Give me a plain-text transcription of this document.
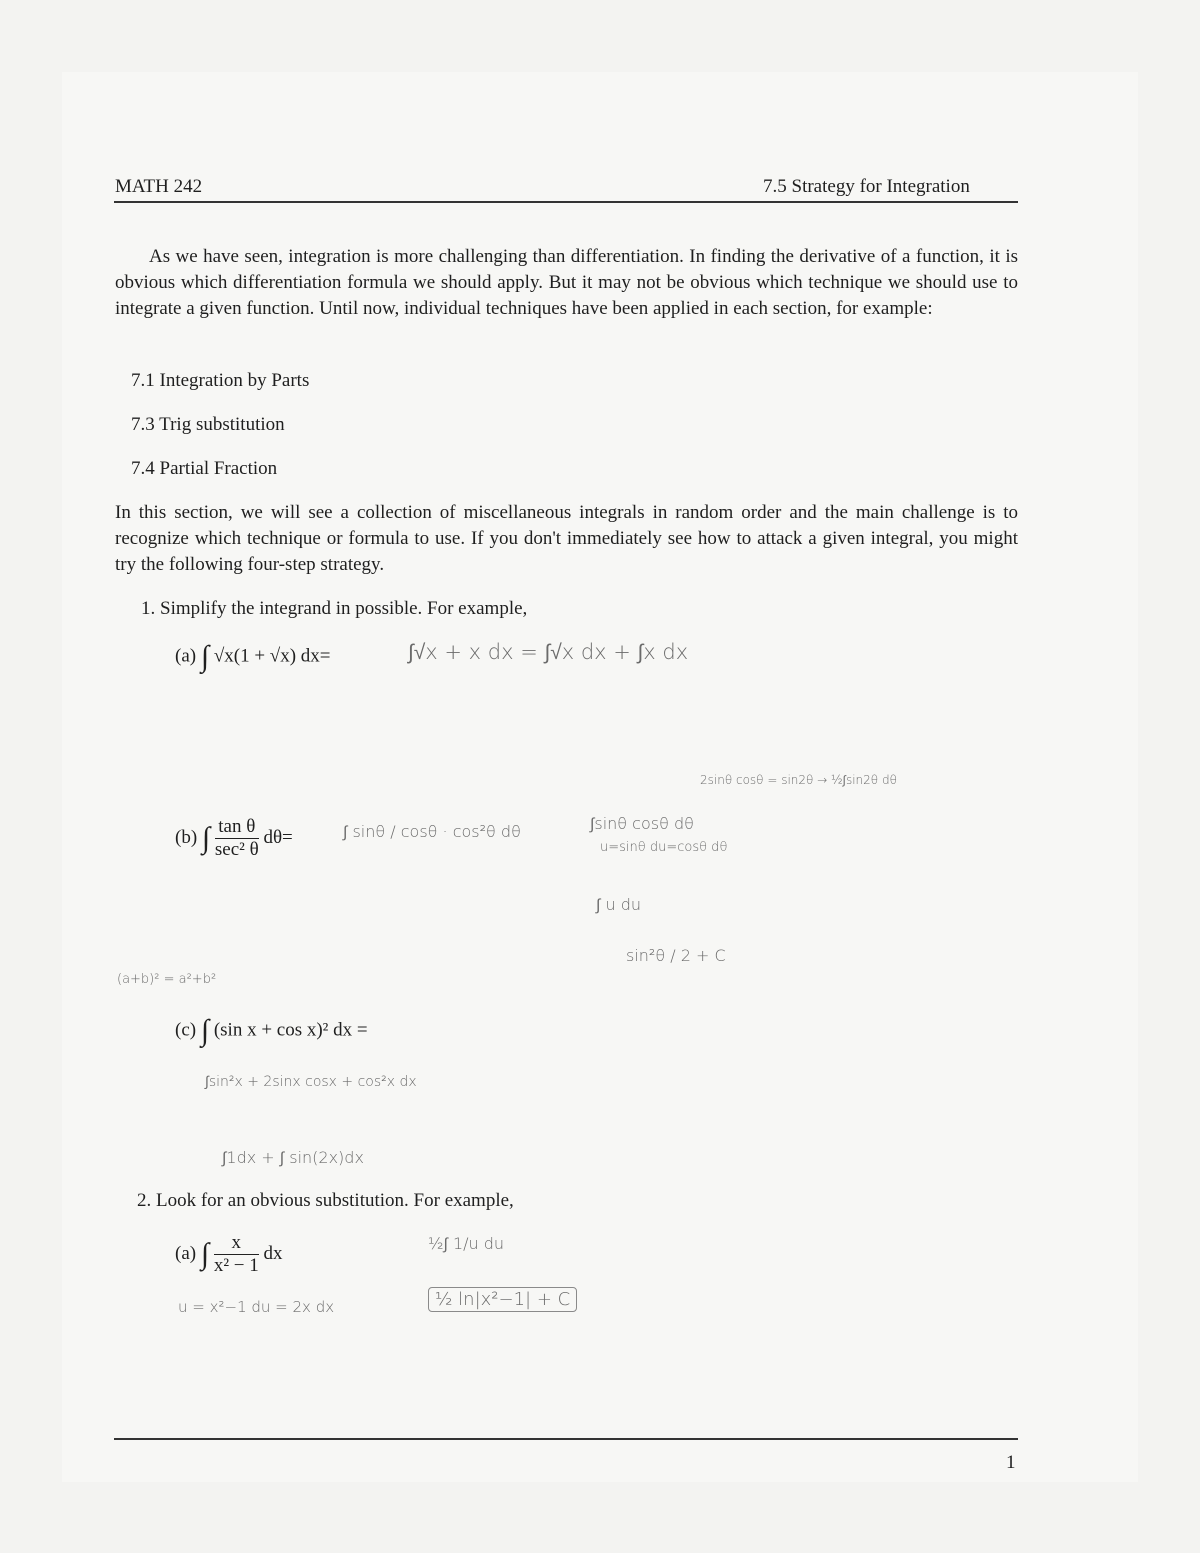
MATH 242	7.5 Strategy for Integration
As we have seen, integration is more challenging than differentiation. In finding the derivative of a function, it is obvious which differentiation formula we should apply. But it may not be obvious which technique we should use to integrate a given function. Until now, individual techniques have been applied in each section, for example:
7.1 Integration by Parts
7.3 Trig substitution
7.4 Partial Fraction
In this section, we will see a collection of miscellaneous integrals in random order and the main challenge is to recognize which technique or formula to use. If you don't immediately see how to attack a given integral, you might try the following four-step strategy.
1. Simplify the integrand in possible. For example,
(a) ∫ √x(1 + √x) dx=	∫√x + x dx = ∫√x dx + ∫x dx
2sinθ cosθ = sin2θ → ½∫sin2θ dθ
(b) ∫ $\frac{\text{tan θ}}{\text{sec² θ}} d\theta=$	∫ sinθ / cosθ · cos²θ dθ	∫sinθ cosθ dθ
u=sinθ du=cosθ dθ
∫ u du
sin²θ / 2 + C
(a+b)² = a²+b²
(c) ∫ (sin x + cos x)² dx =
∫sin²x + 2sinx cosx + cos²x dx
∫1dx + ∫ sin(2x)dx
2. Look for an obvious substitution. For example,
(a) ∫ $\frac{x}{\text{x² − 1}}$ dx	½∫ 1/u du
u = x²−1 du = 2x dx	½ ln|x²−1| + C
1
